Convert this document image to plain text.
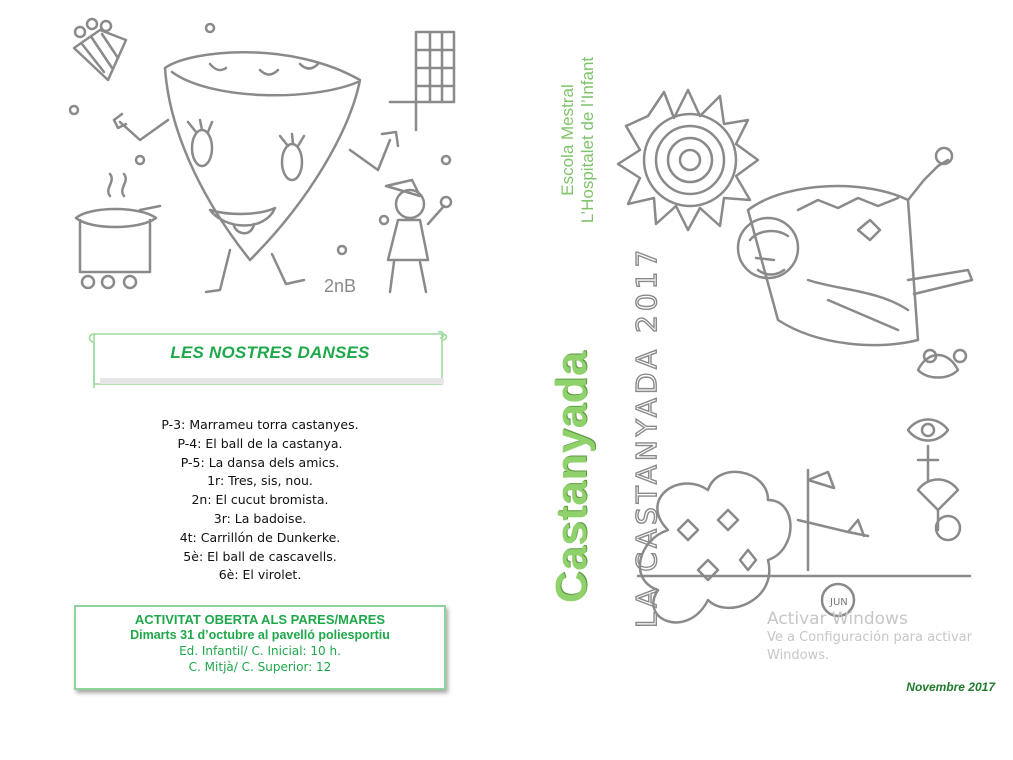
2nB
LES NOSTRES DANSES
P-3: Marrameu torra castanyes.
P-4: El ball de la castanya.
P-5: La dansa dels amics.
1r: Tres, sis, nou.
2n: El cucut bromista.
3r: La badoise.
4t: Carrillón de Dunkerke.
5è: El ball de cascavells.
6è: El virolet.
ACTIVITAT OBERTA ALS PARES/MARES
Dimarts 31 d’octubre al pavelló poliesportiu
Ed. Infantil/ C. Inicial: 10 h.
C. Mitjà/ C. Superior: 12
Escola Mestral L’Hospitalet de l’Infant
Castanyada LA CASTANYADA 2017	JUN
Novembre 2017
Activar Windows
Ve a Configuración para activar Windows.
